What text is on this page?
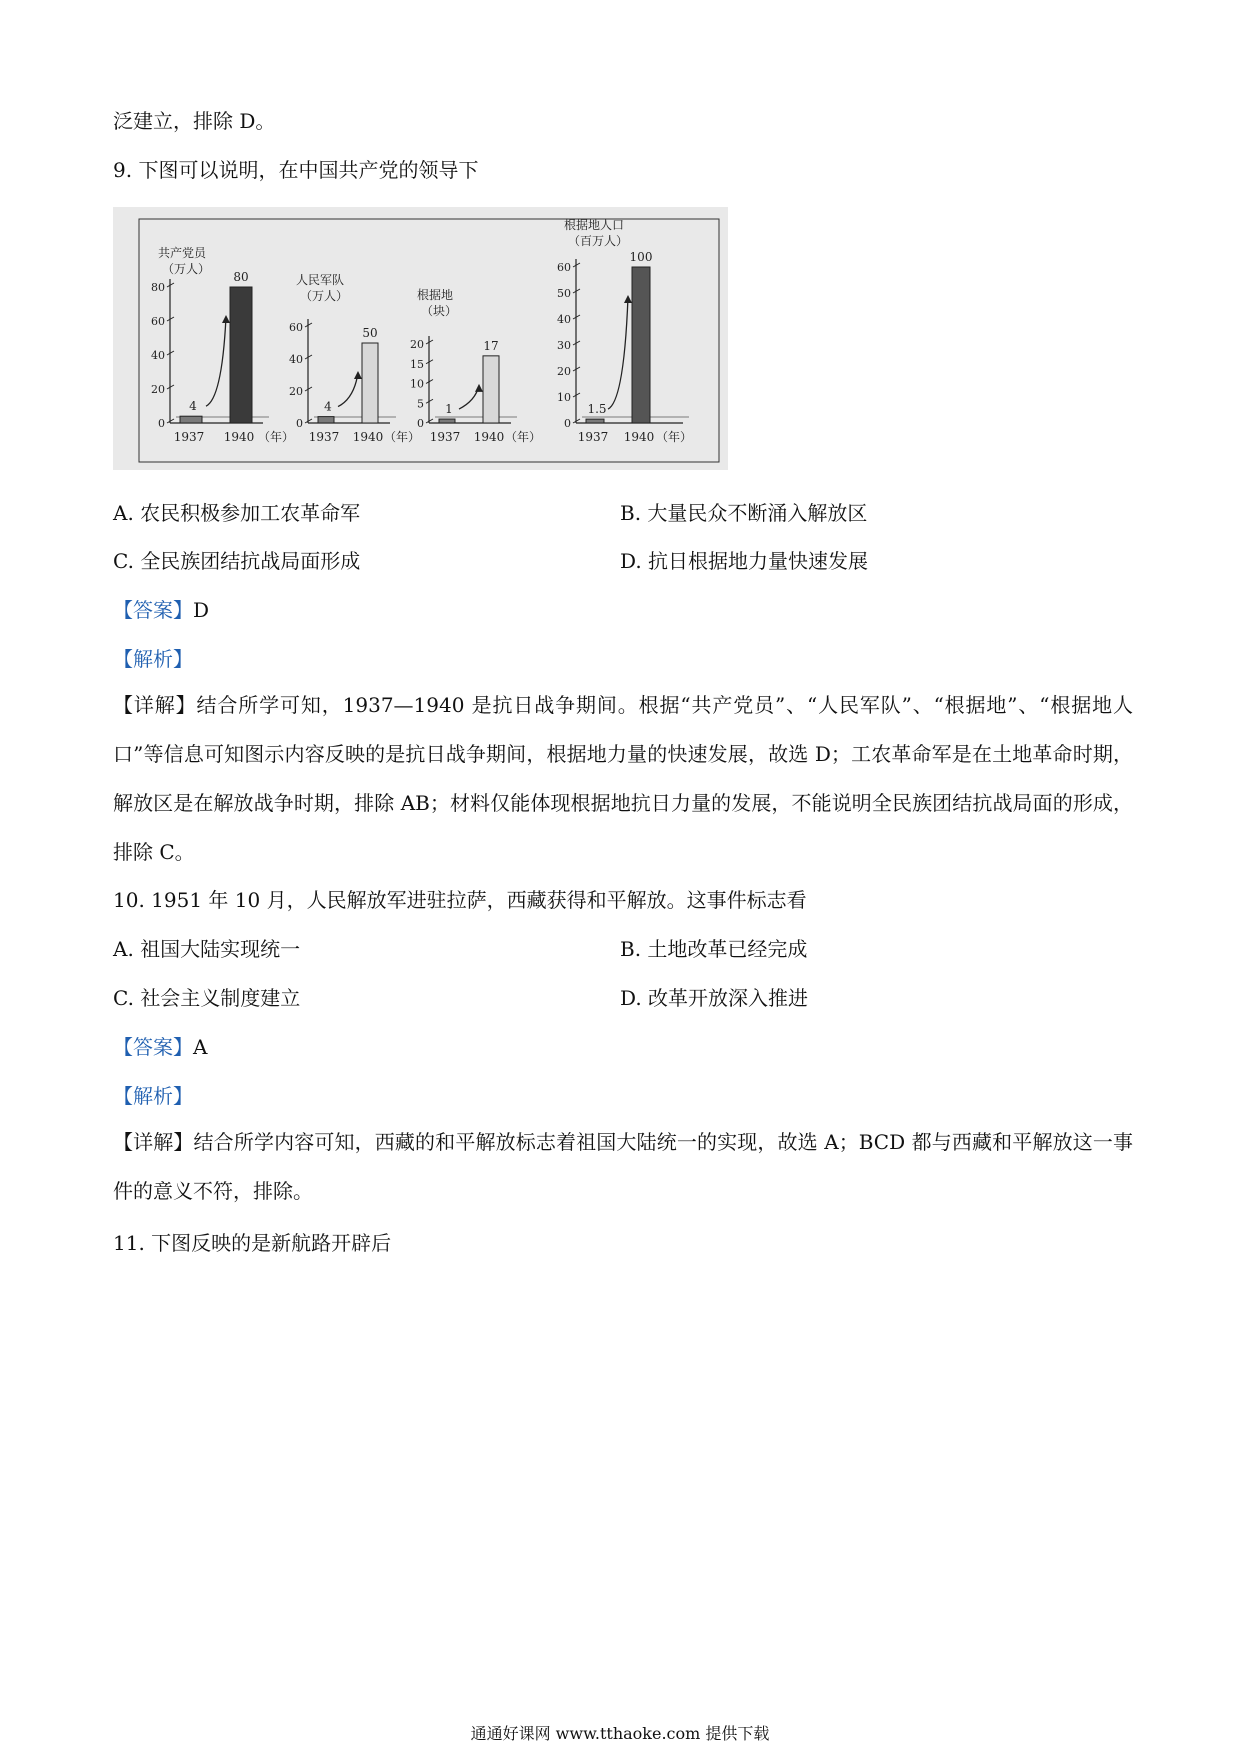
泛建立，排除 D。
9. 下图可以说明，在中国共产党的领导下
共产党员
（万人）
0
20
40
60
80
4
80
1937 1940 （年）
人民军队
（万人）
0
20
40
60
4
50
1937 1940 （年）
根据地
（块）
0
5
10
15
20
1
17
1937 1940 （年）
根据地人口
（百万人）
0
10
20
30
40
50
60
1.5
100
1937 1940 （年）
A. 农民积极参加工农革命军	B. 大量民众不断涌入解放区
C. 全民族团结抗战局面形成	D. 抗日根据地力量快速发展
【答案】D
【解析】
【详解】结合所学可知，1937—1940 是抗日战争期间。根据“共产党员”、“人民军队”、“根据地”、“根据地人口”等信息可知图示内容反映的是抗日战争期间，根据地力量的快速发展，故选 D；工农革命军是在土地革命时期，解放区是在解放战争时期，排除 AB；材料仅能体现根据地抗日力量的发展，不能说明全民族团结抗战局面的形成，排除 C。
10. 1951 年 10 月，人民解放军进驻拉萨，西藏获得和平解放。这事件标志看
A. 祖国大陆实现统一	B. 土地改革已经完成
C. 社会主义制度建立	D. 改革开放深入推进
【答案】A
【解析】
【详解】结合所学内容可知，西藏的和平解放标志着祖国大陆统一的实现，故选 A；BCD 都与西藏和平解放这一事件的意义不符，排除。
11. 下图反映的是新航路开辟后
通通好课网 www.tthaoke.com 提供下载
